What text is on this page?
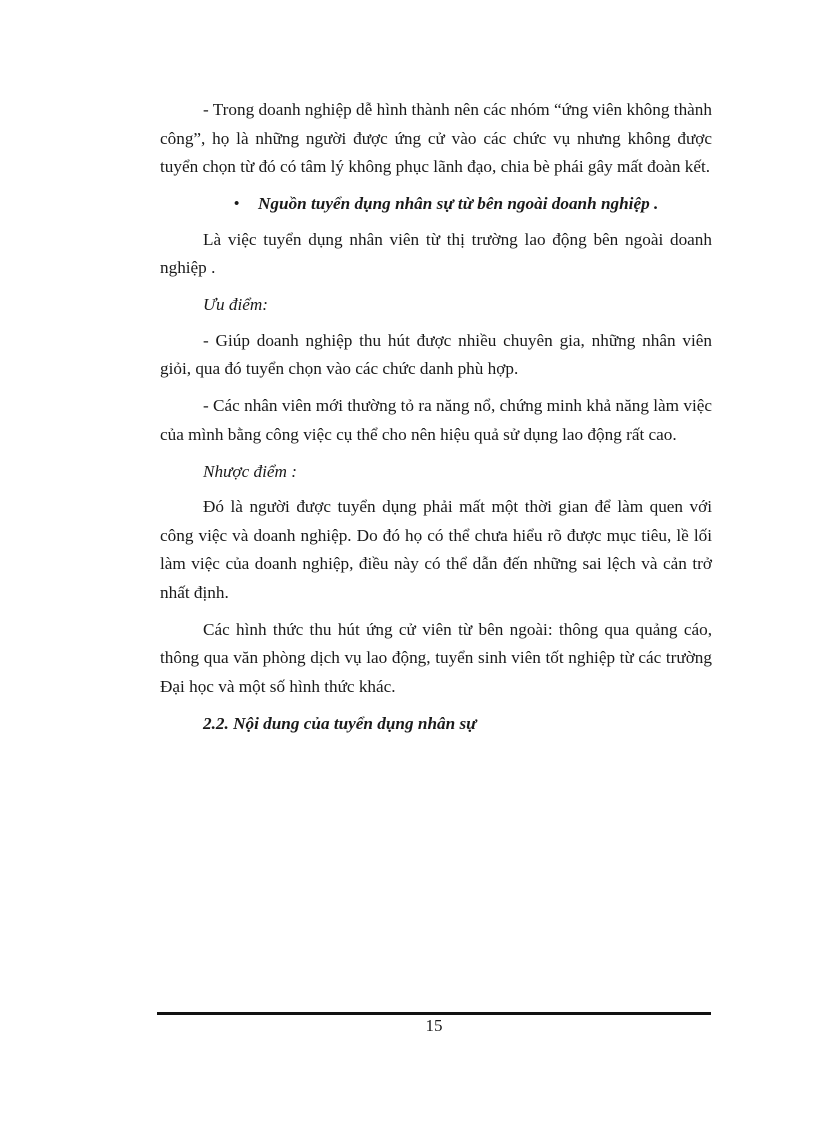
- Trong doanh nghiệp dễ hình thành nên các nhóm “ứng viên không thành công”, họ là những người được ứng cử vào các chức vụ nhưng không được tuyển chọn từ đó có tâm lý không phục lãnh đạo, chia bè phái gây mất đoàn kết.

• Nguồn tuyển dụng nhân sự từ bên ngoài doanh nghiệp .

Là việc tuyển dụng nhân viên từ thị trường lao động bên ngoài doanh nghiệp .

Ưu điểm:

- Giúp doanh nghiệp thu hút được nhiều chuyên gia, những nhân viên giỏi, qua đó tuyển chọn vào các chức danh phù hợp.

- Các nhân viên mới thường tỏ ra năng nổ, chứng minh khả năng làm việc của mình bằng công việc cụ thể cho nên hiệu quả sử dụng lao động rất cao.

Nhược điểm :

Đó là người được tuyển dụng phải mất một thời gian để làm quen với công việc và doanh nghiệp. Do đó họ có thể chưa hiểu rõ được mục tiêu, lề lối làm việc của doanh nghiệp, điều này có thể dẫn đến những sai lệch và cản trở nhất định.

Các hình thức thu hút ứng cử viên từ bên ngoài: thông qua quảng cáo, thông qua văn phòng dịch vụ lao động, tuyển sinh viên tốt nghiệp từ các trường Đại học và một số hình thức khác.

2.2. Nội dung của tuyển dụng nhân sự

15
